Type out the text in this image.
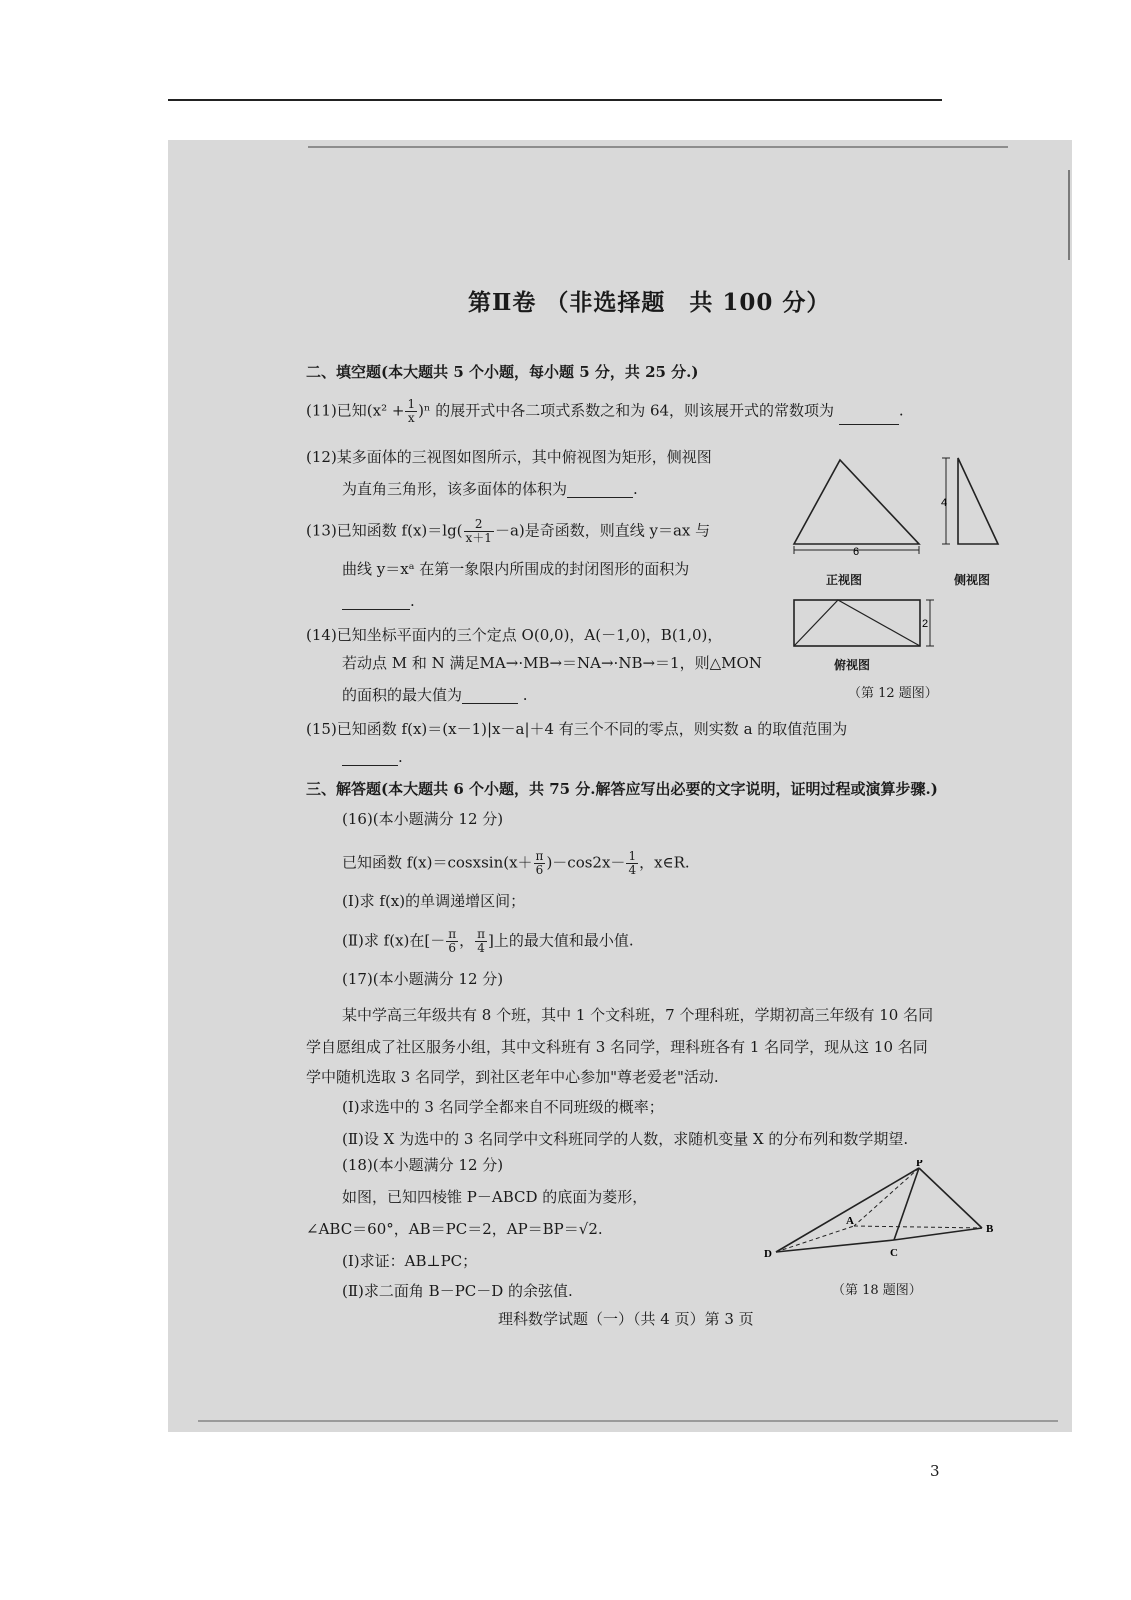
第Ⅱ卷 （非选择题　共 100 分）
二、填空题(本大题共 5 个小题，每小题 5 分，共 25 分.)
(11)已知$(x^2 + \frac{1}{x} )^n$ 的展开式中各二项式系数之和为 64，则该展开式的常数项为	.
(12)某多面体的三视图如图所示，其中俯视图为矩形，侧视图
为直角三角形，该多面体的体积为	.
(13)已知函数 $f(x)=\lg( \frac{2}{x+1} -a)$是奇函数，则直线 y＝ax 与
曲线 y＝xᵃ 在第一象限内所围成的封闭图形的面积为
.
(14)已知坐标平面内的三个定点 O(0,0)，A(－1,0)，B(1,0)，
若动点 M 和 N 满足MA→·MB→＝NA→·NB→＝1，则△MON
的面积的最大值为	.
(15)已知函数 f(x)＝(x－1)|x－a|＋4 有三个不同的零点，则实数 a 的取值范围为
.
6
4
2
正视图	侧视图
俯视图
（第 12 题图）
三、解答题(本大题共 6 个小题，共 75 分.解答应写出必要的文字说明，证明过程或演算步骤.)
(16)(本小题满分 12 分)
已知函数 f(x)＝cosxsin(x＋ $\frac{\pi}{6} )-\cos 2x- \frac{1}{4}$ ，x∈R.
(Ⅰ)求 f(x)的单调递增区间；
(Ⅱ)求 f(x)在[－ $\frac{\pi}{6}$ ， $\frac{\pi}{4}$ ]上的最大值和最小值.
(17)(本小题满分 12 分)
某中学高三年级共有 8 个班，其中 1 个文科班，7 个理科班，学期初高三年级有 10 名同
学自愿组成了社区服务小组，其中文科班有 3 名同学，理科班各有 1 名同学，现从这 10 名同
学中随机选取 3 名同学，到社区老年中心参加"尊老爱老"活动.
(Ⅰ)求选中的 3 名同学全都来自不同班级的概率；
(Ⅱ)设 X 为选中的 3 名同学中文科班同学的人数，求随机变量 X 的分布列和数学期望.
(18)(本小题满分 12 分)
如图，已知四棱锥 P－ABCD 的底面为菱形，
∠ABC＝60°，AB＝PC＝2，AP＝BP＝√2.
(Ⅰ)求证：AB⊥PC；
(Ⅱ)求二面角 B－PC－D 的余弦值.
P
A
B
C
D
（第 18 题图）
理科数学试题（一）（共 4 页）第 3 页
3
